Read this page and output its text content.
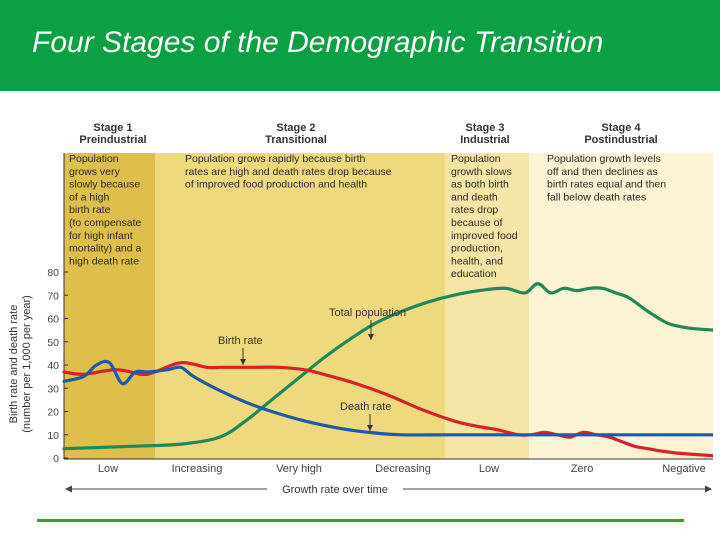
Four Stages of the Demographic Transition
Stage 1
Preindustrial
Stage 2
Transitional
Stage 3
Industrial
Stage 4
Postindustrial
Population
grows very
slowly because
of a high
birth rate
(to compensate
for high infant
mortality) and a
high death rate
Population grows rapidly because birth
rates are high and death rates drop because
of improved food production and health
Population
growth slows
as both birth
and death
rates drop
because of
improved food
production,
health, and
education
Population growth levels
off and then declines as
birth rates equal and then
fall below death rates
0
10
20
30
40
50
60
70
80
Low	Increasing	Very high	Decreasing	Low	Zero	Negative
Growth rate over time
Birth rate and death rate (number per 1,000 per year)	Total population
Birth rate
Death rate
